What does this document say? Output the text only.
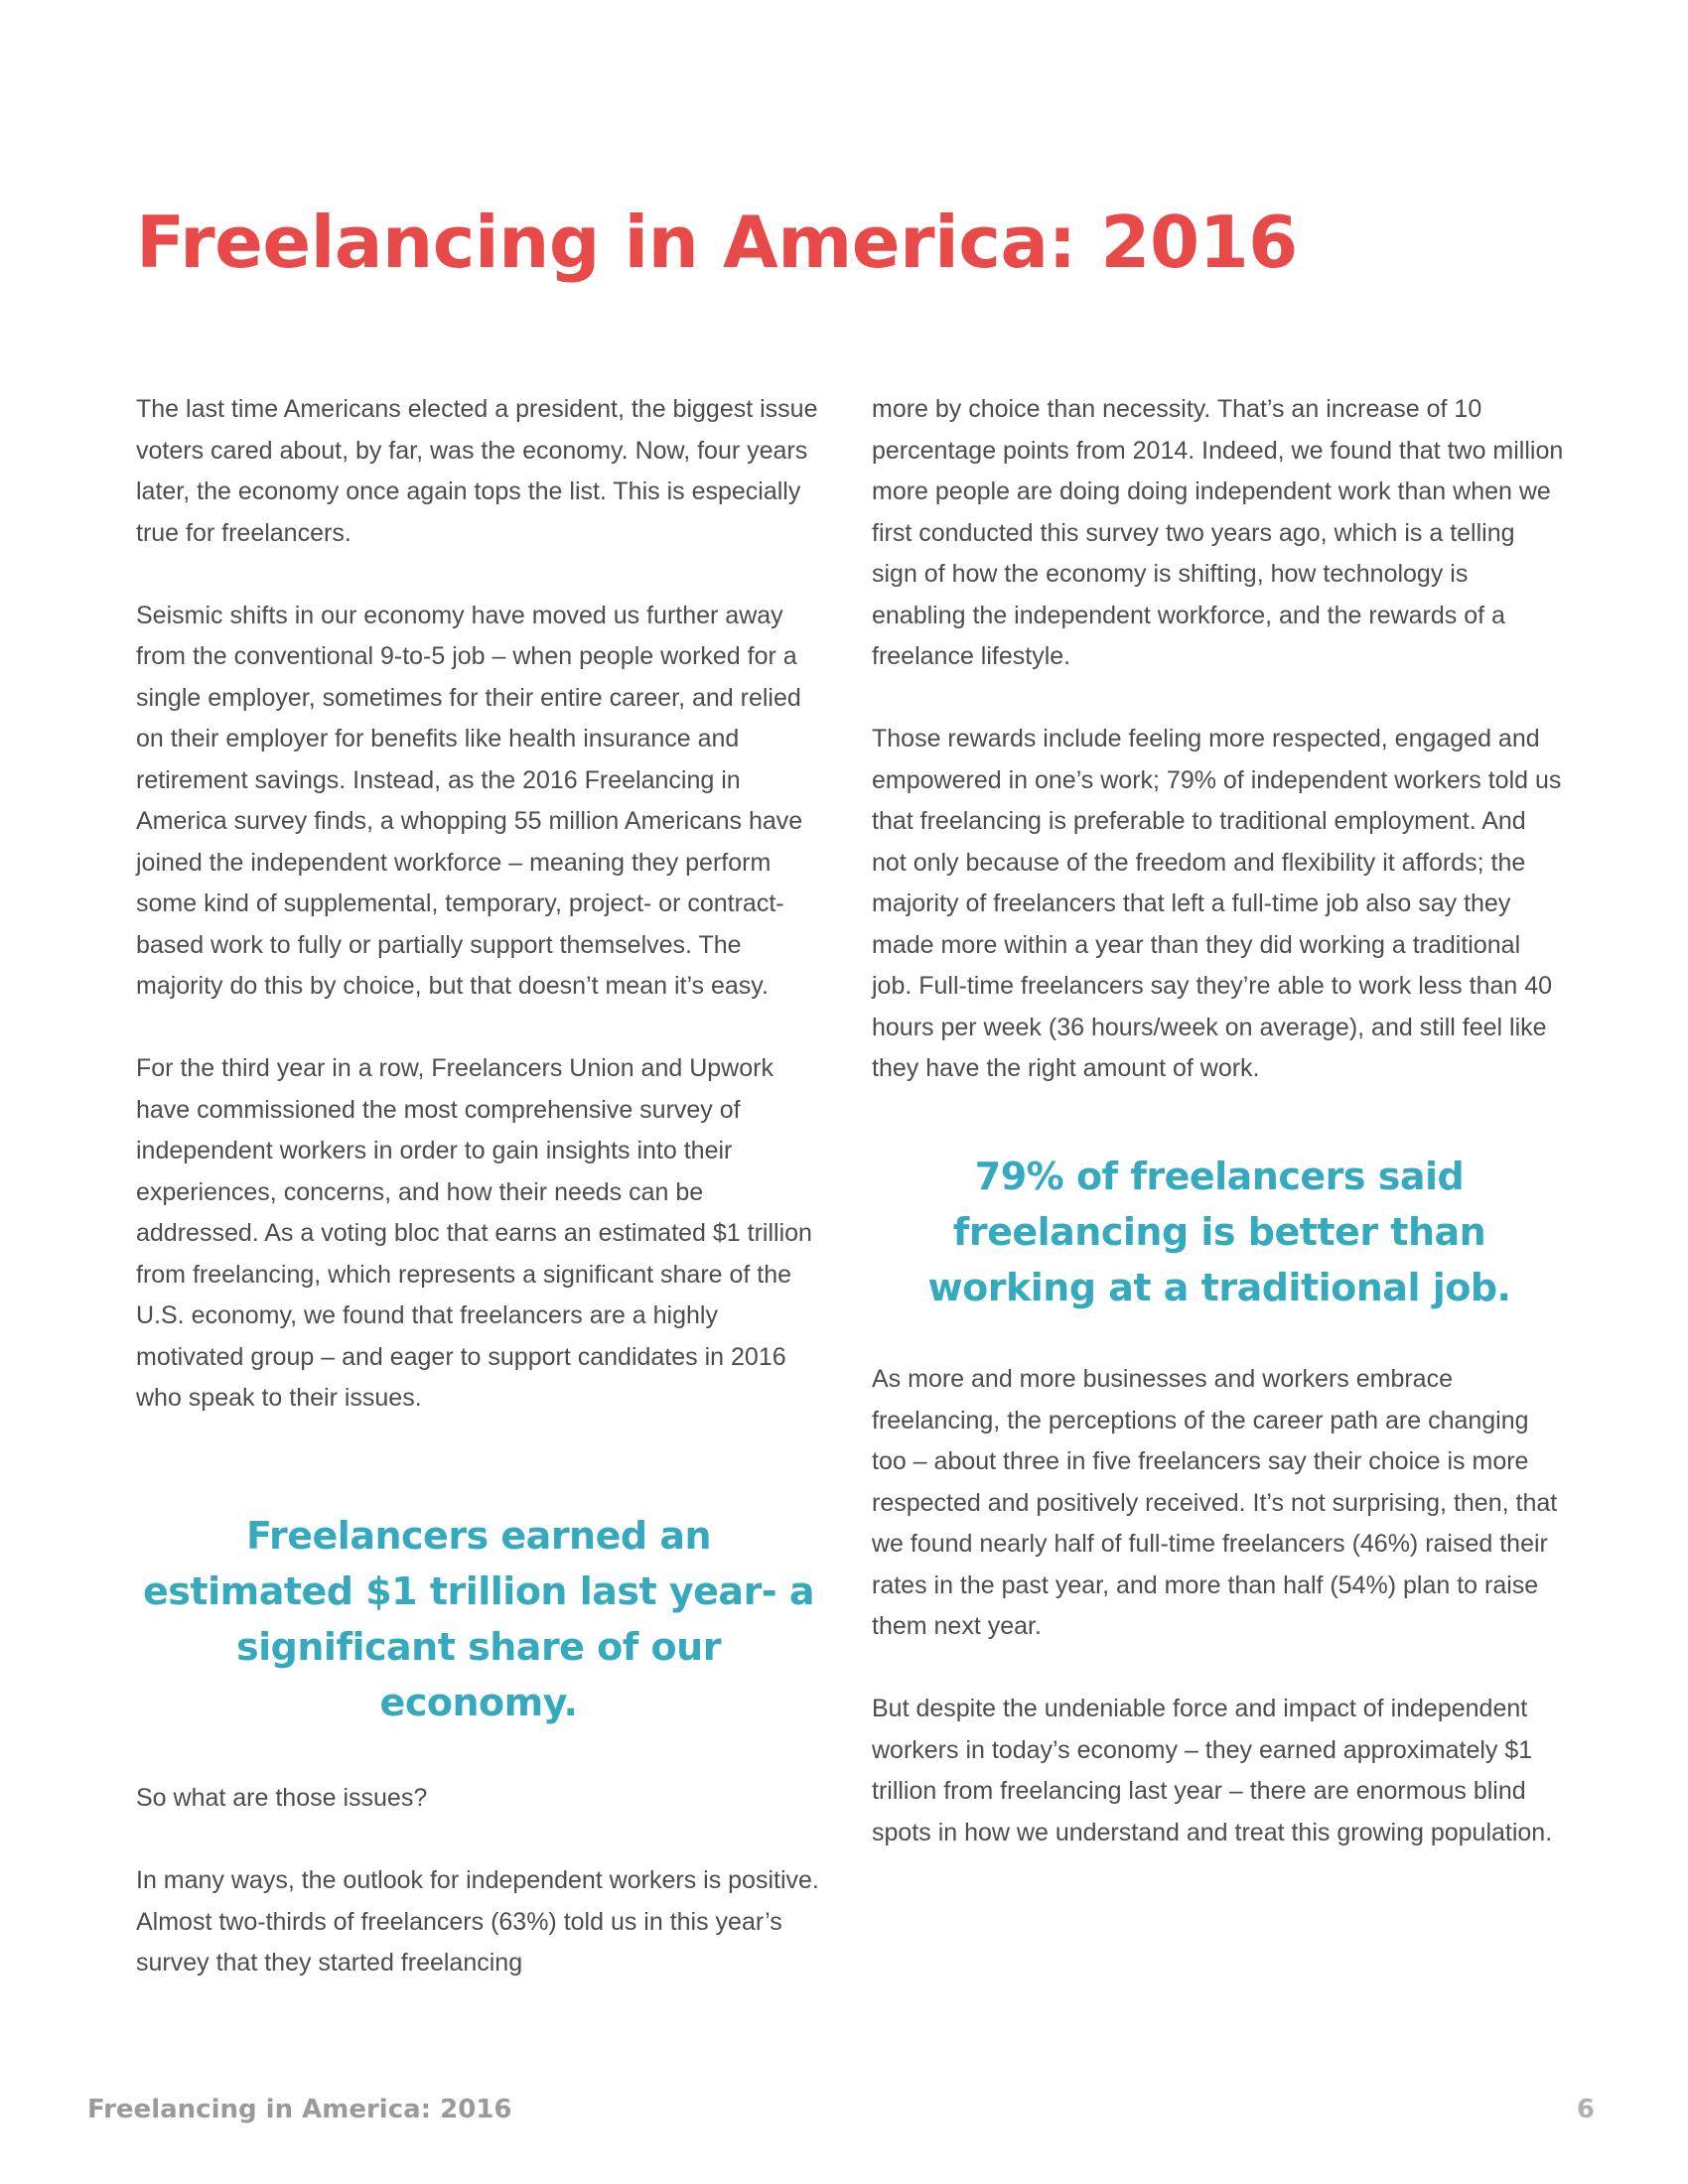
Freelancing in America: 2016

The last time Americans elected a president, the biggest issue voters cared about, by far, was the economy. Now, four years later, the economy once again tops the list. This is especially true for freelancers.

Seismic shifts in our economy have moved us further away from the conventional 9-to-5 job – when people worked for a single employer, sometimes for their entire career, and relied on their employer for benefits like health insurance and retirement savings. Instead, as the 2016 Freelancing in America survey finds, a whopping 55 million Americans have joined the independent workforce – meaning they perform some kind of supplemental, temporary, project- or contract-based work to fully or partially support themselves. The majority do this by choice, but that doesn’t mean it’s easy.

For the third year in a row, Freelancers Union and Upwork have commissioned the most comprehensive survey of independent workers in order to gain insights into their experiences, concerns, and how their needs can be addressed. As a voting bloc that earns an estimated $1 trillion from freelancing, which represents a significant share of the U.S. economy, we found that freelancers are a highly motivated group – and eager to support candidates in 2016 who speak to their issues.

Freelancers earned an estimated $1 trillion last year- a significant share of our economy.

So what are those issues?

In many ways, the outlook for independent workers is positive. Almost two-thirds of freelancers (63%) told us in this year’s survey that they started freelancing

more by choice than necessity. That’s an increase of 10 percentage points from 2014. Indeed, we found that two million more people are doing doing independent work than when we first conducted this survey two years ago, which is a telling sign of how the economy is shifting, how technology is enabling the independent workforce, and the rewards of a freelance lifestyle.

Those rewards include feeling more respected, engaged and empowered in one’s work; 79% of independent workers told us that freelancing is preferable to traditional employment. And not only because of the freedom and flexibility it affords; the majority of freelancers that left a full-time job also say they made more within a year than they did working a traditional job. Full-time freelancers say they’re able to work less than 40 hours per week (36 hours/week on average), and still feel like they have the right amount of work.

79% of freelancers said freelancing is better than working at a traditional job.

As more and more businesses and workers embrace freelancing, the perceptions of the career path are changing too – about three in five freelancers say their choice is more respected and positively received. It’s not surprising, then, that we found nearly half of full-time freelancers (46%) raised their rates in the past year, and more than half (54%) plan to raise them next year.

But despite the undeniable force and impact of independent workers in today’s economy – they earned approximately $1 trillion from freelancing last year – there are enormous blind spots in how we understand and treat this growing population.

Freelancing in America: 2016	6
